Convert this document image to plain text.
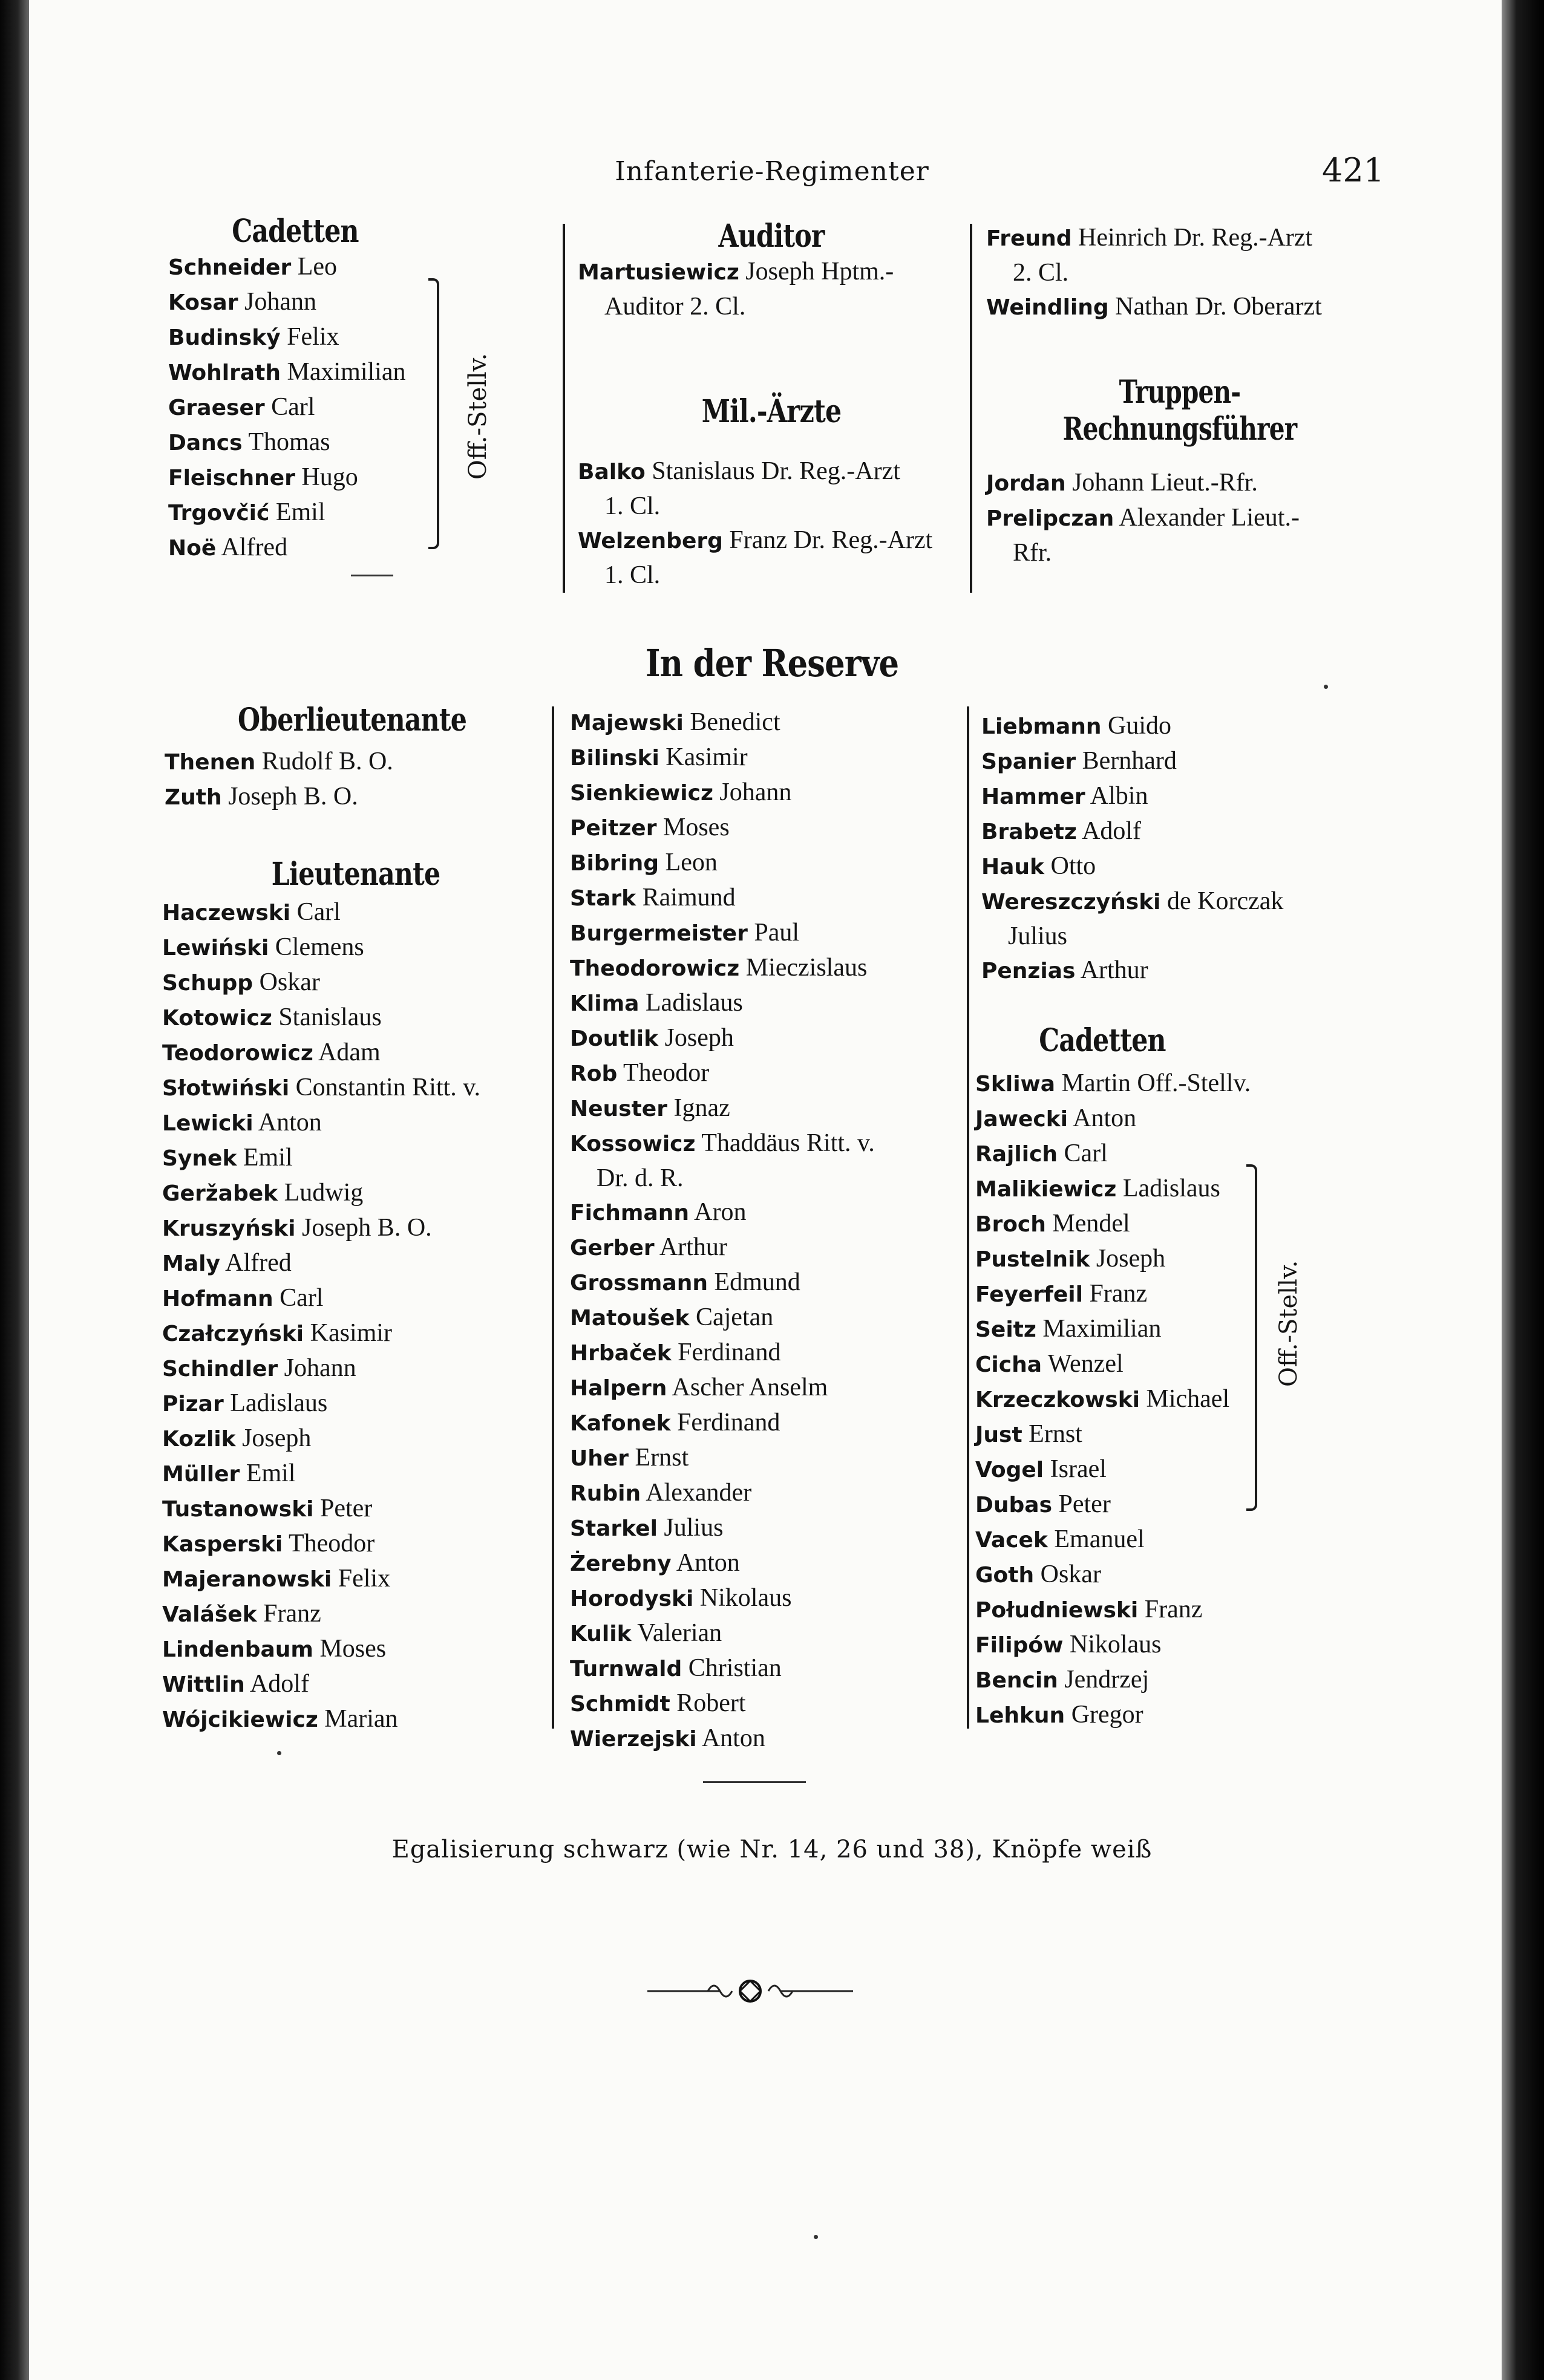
Infanterie-Regimenter	421
Cadetten
Schneider Leo
Kosar Johann
Budinský Felix
Wohlrath Maximilian
Graeser Carl
Dancs Thomas
Fleischner Hugo
Trgovčić Emil
Noë Alfred
Off.-Stellv.
Auditor
Martusiewicz Joseph Hptm.-
Auditor 2. Cl.
Mil.-Ärzte
Balko Stanislaus Dr. Reg.-Arzt
1. Cl.
Welzenberg Franz Dr. Reg.-Arzt
1. Cl.
Freund Heinrich Dr. Reg.-Arzt
2. Cl.
Weindling Nathan Dr. Oberarzt
Truppen-Rechnungsführer
Jordan Johann Lieut.-Rfr.
Prelipczan Alexander Lieut.-
Rfr.
In der Reserve
Oberlieutenante
Thenen Rudolf B. O.
Zuth Joseph B. O.
Lieutenante
Haczewski Carl
Lewiński Clemens
Schupp Oskar
Kotowicz Stanislaus
Teodorowicz Adam
Słotwiński Constantin Ritt. v.
Lewicki Anton
Synek Emil
Geržabek Ludwig
Kruszyński Joseph B. O.
Maly Alfred
Hofmann Carl
Czałczyński Kasimir
Schindler Johann
Pizar Ladislaus
Kozlik Joseph
Müller Emil
Tustanowski Peter
Kasperski Theodor
Majeranowski Felix
Valášek Franz
Lindenbaum Moses
Wittlin Adolf
Wójcikiewicz Marian
Majewski Benedict
Bilinski Kasimir
Sienkiewicz Johann
Peitzer Moses
Bibring Leon
Stark Raimund
Burgermeister Paul
Theodorowicz Mieczislaus
Klima Ladislaus
Doutlik Joseph
Rob Theodor
Neuster Ignaz
Kossowicz Thaddäus Ritt. v.
Dr. d. R.
Fichmann Aron
Gerber Arthur
Grossmann Edmund
Matoušek Cajetan
Hrbaček Ferdinand
Halpern Ascher Anselm
Kafonek Ferdinand
Uher Ernst
Rubin Alexander
Starkel Julius
Żerebny Anton
Horodyski Nikolaus
Kulik Valerian
Turnwald Christian
Schmidt Robert
Wierzejski Anton
Liebmann Guido
Spanier Bernhard
Hammer Albin
Brabetz Adolf
Hauk Otto
Wereszczyński de Korczak
Julius
Penzias Arthur
Cadetten
Skliwa Martin Off.-Stellv.
Jawecki Anton
Rajlich Carl
Malikiewicz Ladislaus
Broch Mendel
Pustelnik Joseph
Feyerfeil Franz
Seitz Maximilian
Cicha Wenzel
Krzeczkowski Michael
Just Ernst
Vogel Israel
Dubas Peter
Vacek Emanuel
Goth Oskar
Południewski Franz
Filipów Nikolaus
Bencin Jendrzej
Lehkun Gregor
Off.-Stellv.
Egalisierung schwarz (wie Nr. 14, 26 und 38), Knöpfe weiß
